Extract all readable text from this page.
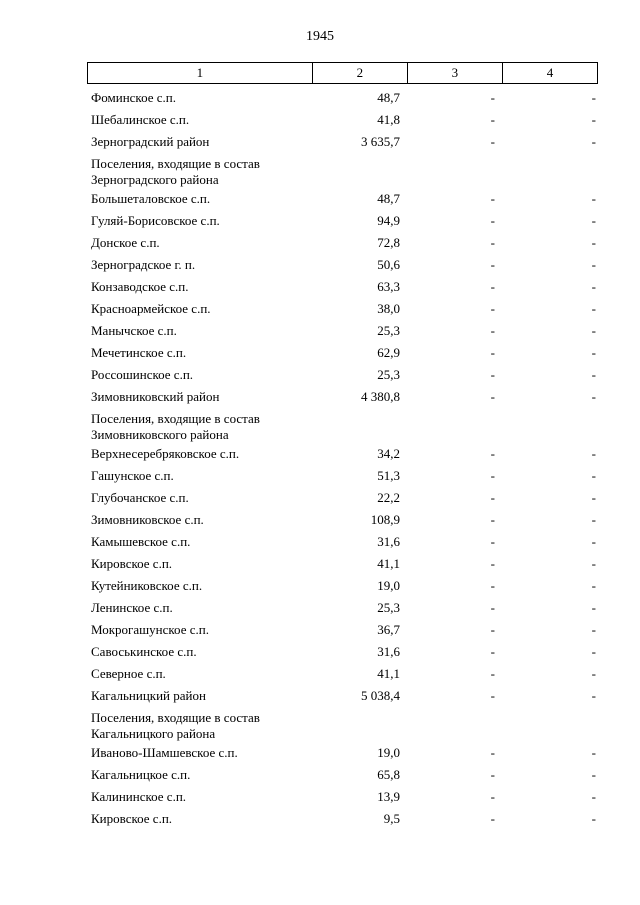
1945
1	2	3	4
Фоминское с.п.	48,7	-	-
Шебалинское с.п.	41,8	-	-
Зерноградский район	3 635,7	-	-
Поселения, входящие в состав
Зерноградского района
Большеталовское с.п.	48,7	-	-
Гуляй-Борисовское с.п.	94,9	-	-
Донское с.п.	72,8	-	-
Зерноградское г. п.	50,6	-	-
Конзаводское с.п.	63,3	-	-
Красноармейское с.п.	38,0	-	-
Манычское с.п.	25,3	-	-
Мечетинское с.п.	62,9	-	-
Россошинское с.п.	25,3	-	-
Зимовниковский район	4 380,8	-	-
Поселения, входящие в состав
Зимовниковского района
Верхнесеребряковское с.п.	34,2	-	-
Гашунское с.п.	51,3	-	-
Глубочанское с.п.	22,2	-	-
Зимовниковское с.п.	108,9	-	-
Камышевское с.п.	31,6	-	-
Кировское с.п.	41,1	-	-
Кутейниковское с.п.	19,0	-	-
Ленинское с.п.	25,3	-	-
Мокрогашунское с.п.	36,7	-	-
Савоськинское с.п.	31,6	-	-
Северное с.п.	41,1	-	-
Кагальницкий район	5 038,4	-	-
Поселения, входящие в состав
Кагальницкого района
Иваново-Шамшевское с.п.	19,0	-	-
Кагальницкое с.п.	65,8	-	-
Калининское с.п.	13,9	-	-
Кировское с.п.	9,5	-	-
